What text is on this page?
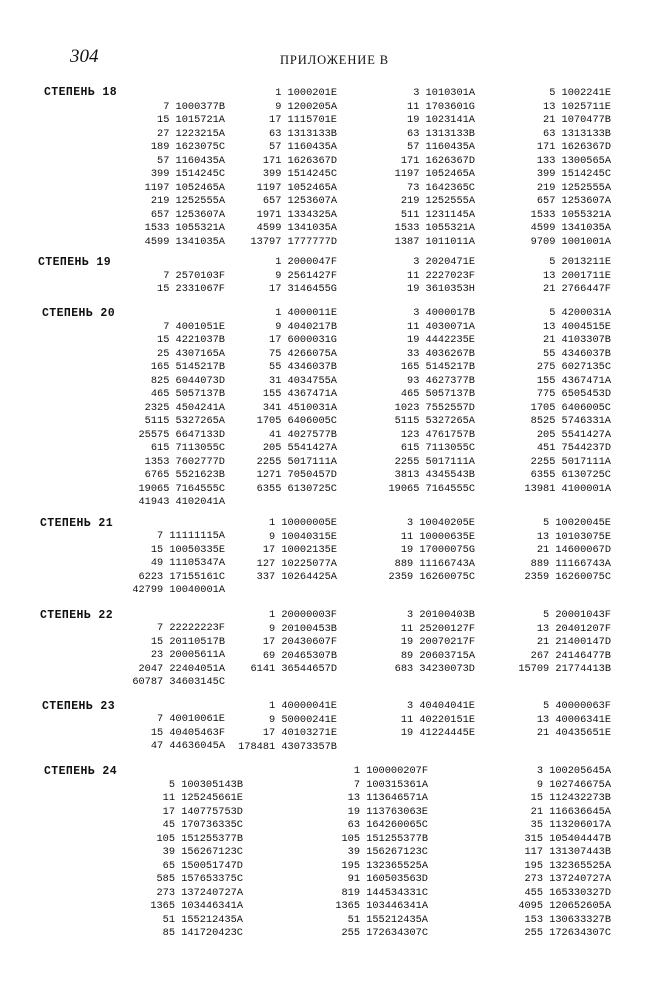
304	ПРИЛОЖЕНИЕ В
СТЕПЕНЬ 18
7 1000377B
15 1015721A
27 1223215A
189 1623075C
57 1160435A
399 1514245C
1197 1052465A
219 1252555A
657 1253607A
1533 1055321A
4599 1341035A
1 1000201E
9 1200205A
17 1115701E
63 1313133B
57 1160435A
171 1626367D
399 1514245C
1197 1052465A
657 1253607A
1971 1334325A
4599 1341035A
13797 1777777D
3 1010301A
11 1703601G
19 1023141A
63 1313133B
57 1160435A
171 1626367D
1197 1052465A
73 1642365C
219 1252555A
511 1231145A
1533 1055321A
1387 1011011A
5 1002241E
13 1025711E
21 1070477B
63 1313133B
171 1626367D
133 1300565A
399 1514245C
219 1252555A
657 1253607A
1533 1055321A
4599 1341035A
9709 1001001A
СТЕПЕНЬ 19
7 2570103F
15 2331067F
1 2000047F
9 2561427F
17 3146455G
3 2020471E
11 2227023F
19 3610353H
5 2013211E
13 2001711E
21 2766447F
СТЕПЕНЬ 20
7 4001051E
15 4221037B
25 4307165A
165 5145217B
825 6044073D
465 5057137B
2325 4504241A
5115 5327265A
25575 6647133D
615 7113055C
1353 7602777D
6765 5521623B
19065 7164555C
41943 4102041A
1 4000011E
9 4040217B
17 6000031G
75 4266075A
55 4346037B
31 4034755A
155 4367471A
341 4510031A
1705 6406005C
41 4027577B
205 5541427A
2255 5017111A
1271 7050457D
6355 6130725C
3 4000017B
11 4030071A
19 4442235E
33 4036267B
165 5145217B
93 4627377B
465 5057137B
1023 7552557D
5115 5327265A
123 4761757B
615 7113055C
2255 5017111A
3813 4345543B
19065 7164555C
5 4200031A
13 4004515E
21 4103307B
55 4346037B
275 6027135C
155 4367471A
775 6505453D
1705 6406005C
8525 5746331A
205 5541427A
451 7544237D
2255 5017111A
6355 6130725C
13981 4100001A
СТЕПЕНЬ 21
7 11111115A
15 10050335E
49 11105347A
6223 17155161C
42799 10040001A
1 10000005E
9 10040315E
17 10002135E
127 10225077A
337 10264425A
3 10040205E
11 10000635E
19 17000075G
889 11166743A
2359 16260075C
5 10020045E
13 10103075E
21 14600067D
889 11166743A
2359 16260075C
СТЕПЕНЬ 22
7 22222223F
15 20110517B
23 20005611A
2047 22404051A
60787 34603145C
1 20000003F
9 20100453B
17 20430607F
69 20465307B
6141 36544657D
3 20100403B
11 25200127F
19 20070217F
89 20603715A
683 34230073D
5 20001043F
13 20401207F
21 21400147D
267 24146477B
15709 21774413B
СТЕПЕНЬ 23
7 40010061E
15 40405463F
47 44636045A
1 40000041E
9 50000241E
17 40103271E
178481 43073357B
3 40404041E
11 40220151E
19 41224445E
5 40000063F
13 40006341E
21 40435651E
СТЕПЕНЬ 24
5 100305143B
11 125245661E
17 140775753D
45 170736335C
105 151255377B
39 156267123C
65 150051747D
585 157653375C
273 137240727A
1365 103446341A
51 155212435A
85 141720423C
1 100000207F
7 100315361A
13 113646571A
19 113763063E
63 164260065C
105 151255377B
39 156267123C
195 132365525A
91 160503563D
819 144534331C
1365 103446341A
51 155212435A
255 172634307C
3 100205645A
9 102746675A
15 112432273B
21 116636645A
35 113206017A
315 105404447B
117 131307443B
195 132365525A
273 137240727A
455 165330327D
4095 120652605A
153 130633327B
255 172634307C
